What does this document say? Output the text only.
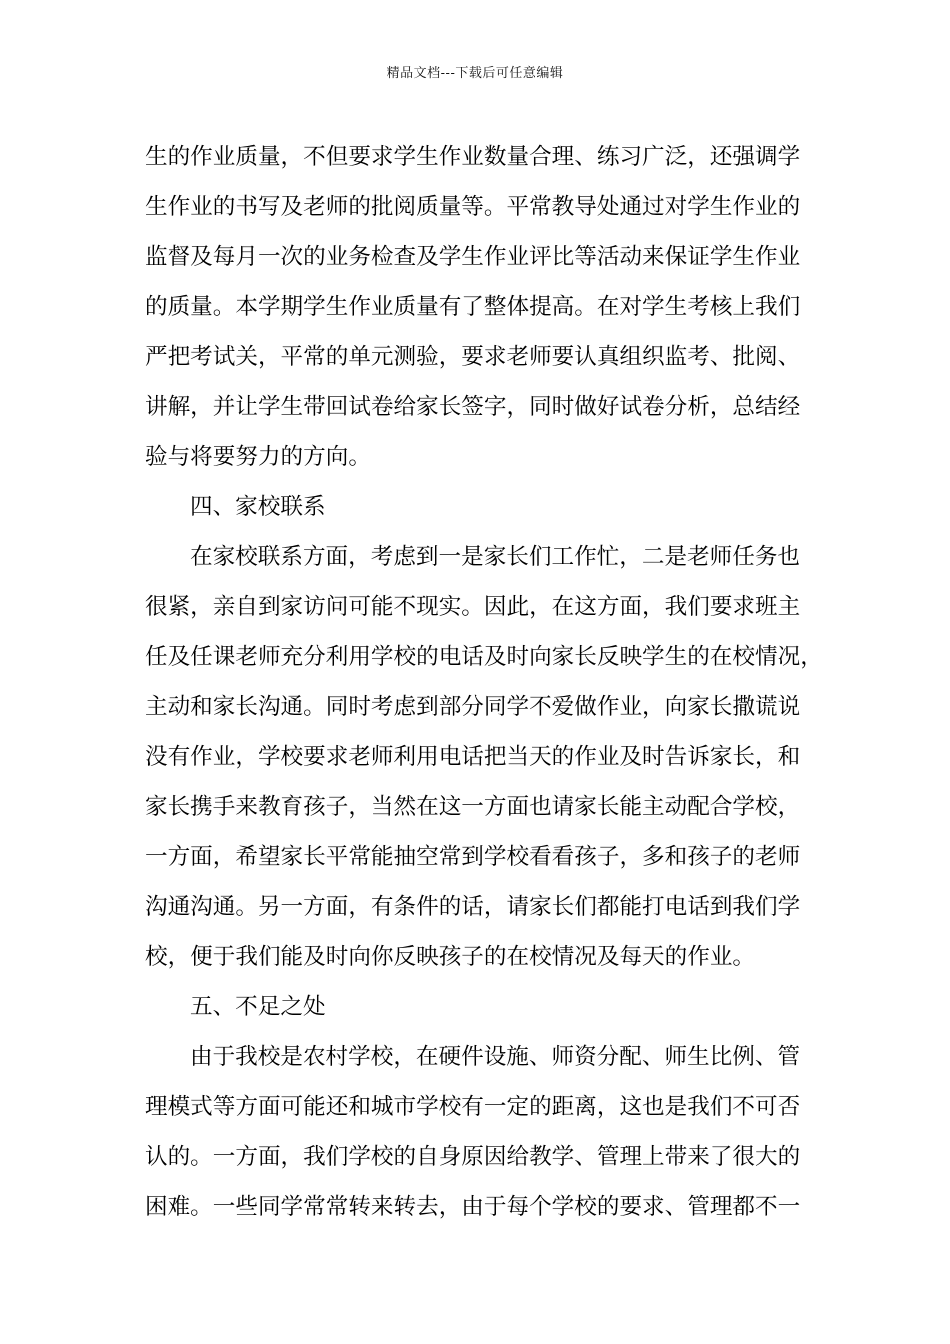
精品文档---下载后可任意编辑
生的作业质量，不但要求学生作业数量合理、练习广泛，还强调学
生作业的书写及老师的批阅质量等。平常教导处通过对学生作业的
监督及每月一次的业务检查及学生作业评比等活动来保证学生作业
的质量。本学期学生作业质量有了整体提高。在对学生考核上我们
严把考试关，平常的单元测验，要求老师要认真组织监考、批阅、
讲解，并让学生带回试卷给家长签字，同时做好试卷分析，总结经
验与将要努力的方向。
四、家校联系
在家校联系方面，考虑到一是家长们工作忙，二是老师任务也
很紧，亲自到家访问可能不现实。因此，在这方面，我们要求班主
任及任课老师充分利用学校的电话及时向家长反映学生的在校情况，
主动和家长沟通。同时考虑到部分同学不爱做作业，向家长撒谎说
没有作业，学校要求老师利用电话把当天的作业及时告诉家长，和
家长携手来教育孩子，当然在这一方面也请家长能主动配合学校，
一方面，希望家长平常能抽空常到学校看看孩子，多和孩子的老师
沟通沟通。另一方面，有条件的话，请家长们都能打电话到我们学
校，便于我们能及时向你反映孩子的在校情况及每天的作业。
五、不足之处
由于我校是农村学校，在硬件设施、师资分配、师生比例、管
理模式等方面可能还和城市学校有一定的距离，这也是我们不可否
认的。一方面，我们学校的自身原因给教学、管理上带来了很大的
困难。一些同学常常转来转去，由于每个学校的要求、管理都不一
